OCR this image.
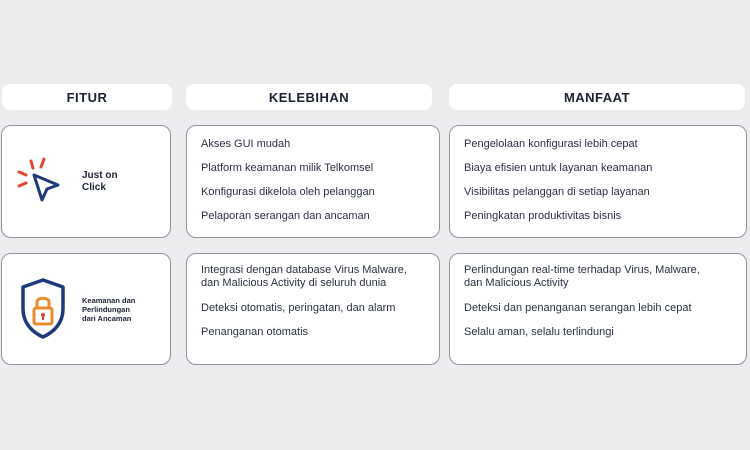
FITUR	KELEBIHAN	MANFAAT
Just on
Click
Akses GUI mudah
Platform keamanan milik Telkomsel
Konfigurasi dikelola oleh pelanggan
Pelaporan serangan dan ancaman
Pengelolaan konfigurasi lebih cepat
Biaya efisien untuk layanan keamanan
Visibilitas pelanggan di setiap layanan
Peningkatan produktivitas bisnis
Keamanan dan
Perlindungan
dari Ancaman
Integrasi dengan database Virus Malware, dan Malicious Activity di seluruh dunia
Deteksi otomatis, peringatan, dan alarm
Penanganan otomatis
Perlindungan real-time terhadap Virus, Malware, dan Malicious Activity
Deteksi dan penanganan serangan lebih cepat
Selalu aman, selalu terlindungi
